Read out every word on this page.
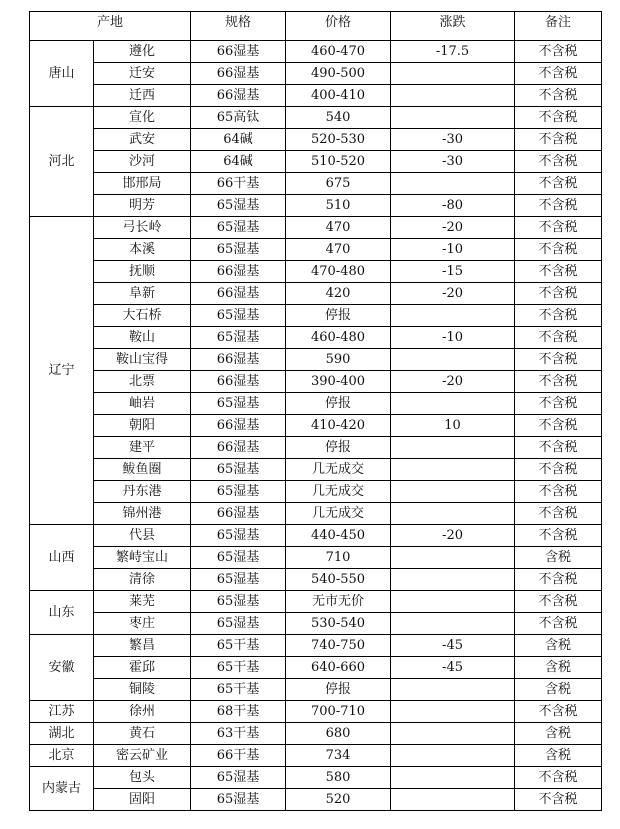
产地		规格	价格	涨跌	备注
唐山	遵化	66湿基	460-470	-17.5	不含税
	迁安	66湿基	490-500		不含税
	迁西	66湿基	400-410		不含税
河北	宣化	65高钛	540		不含税
	武安	64碱	520-530	-30	不含税
	沙河	64碱	510-520	-30	不含税
	邯邢局	66干基	675		不含税
	明芳	65湿基	510	-80	不含税
辽宁	弓长岭	65湿基	470	-20	不含税
	本溪	65湿基	470	-10	不含税
	抚顺	66湿基	470-480	-15	不含税
	阜新	66湿基	420	-20	不含税
	大石桥	65湿基	停报		不含税
	鞍山	65湿基	460-480	-10	不含税
	鞍山宝得	66湿基	590		不含税
	北票	66湿基	390-400	-20	不含税
	岫岩	65湿基	停报		不含税
	朝阳	66湿基	410-420	10	不含税
	建平	66湿基	停报		不含税
	鲅鱼圈	65湿基	几无成交		不含税
	丹东港	65湿基	几无成交		不含税
	锦州港	66湿基	几无成交		不含税
山西	代县	65湿基	440-450	-20	不含税
	繁峙宝山	65湿基	710		含税
	清徐	65湿基	540-550		不含税
山东	莱芜	65湿基	无市无价		不含税
	枣庄	65湿基	530-540		不含税
安徽	繁昌	65干基	740-750	-45	含税
	霍邱	65干基	640-660	-45	含税
	铜陵	65干基	停报		含税
江苏	徐州	68干基	700-710		不含税
湖北	黄石	63干基	680		含税
北京	密云矿业	66干基	734		含税
内蒙古	包头	65湿基	580		不含税
	固阳	65湿基	520		不含税
